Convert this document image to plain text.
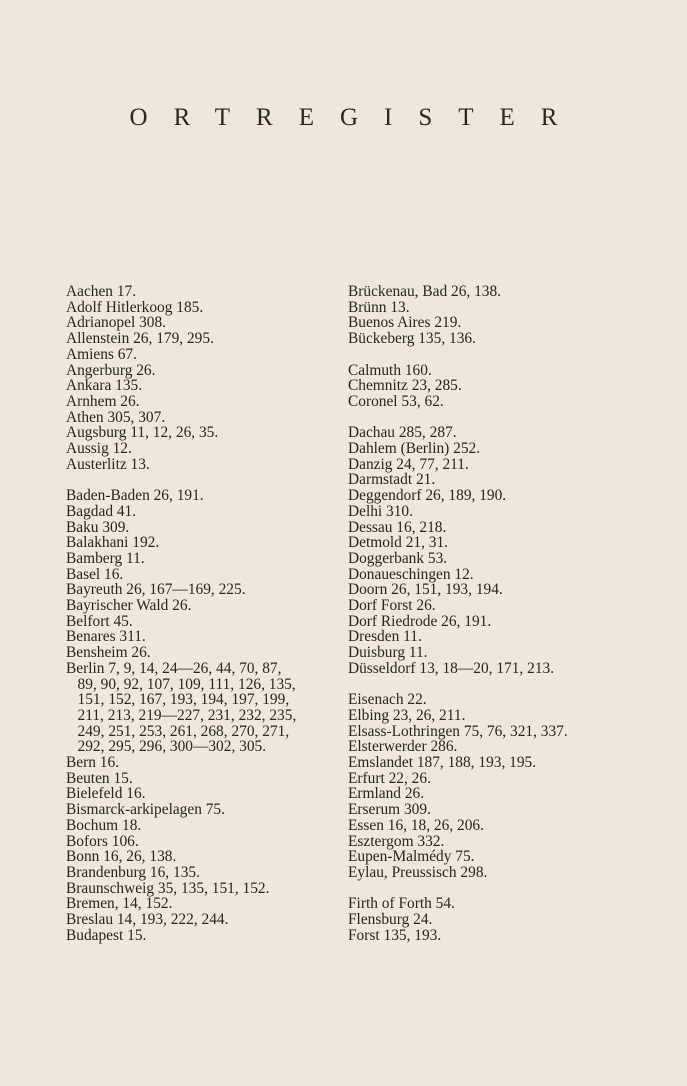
ORTREGISTER
Aachen 17.
Adolf Hitlerkoog 185.
Adrianopel 308.
Allenstein 26, 179, 295.
Amiens 67.
Angerburg 26.
Ankara 135.
Arnhem 26.
Athen 305, 307.
Augsburg 11, 12, 26, 35.
Aussig 12.
Austerlitz 13.
Baden-Baden 26, 191.
Bagdad 41.
Baku 309.
Balakhani 192.
Bamberg 11.
Basel 16.
Bayreuth 26, 167—169, 225.
Bayrischer Wald 26.
Belfort 45.
Benares 311.
Bensheim 26.
Berlin 7, 9, 14, 24—26, 44, 70, 87,
89, 90, 92, 107, 109, 111, 126, 135,
151, 152, 167, 193, 194, 197, 199,
211, 213, 219—227, 231, 232, 235,
249, 251, 253, 261, 268, 270, 271,
292, 295, 296, 300—302, 305.
Bern 16.
Beuten 15.
Bielefeld 16.
Bismarck-arkipelagen 75.
Bochum 18.
Bofors 106.
Bonn 16, 26, 138.
Brandenburg 16, 135.
Braunschweig 35, 135, 151, 152.
Bremen, 14, 152.
Breslau 14, 193, 222, 244.
Budapest 15.
Brückenau, Bad 26, 138.
Brünn 13.
Buenos Aires 219.
Bückeberg 135, 136.
Calmuth 160.
Chemnitz 23, 285.
Coronel 53, 62.
Dachau 285, 287.
Dahlem (Berlin) 252.
Danzig 24, 77, 211.
Darmstadt 21.
Deggendorf 26, 189, 190.
Delhi 310.
Dessau 16, 218.
Detmold 21, 31.
Doggerbank 53.
Donaueschingen 12.
Doorn 26, 151, 193, 194.
Dorf Forst 26.
Dorf Riedrode 26, 191.
Dresden 11.
Duisburg 11.
Düsseldorf 13, 18—20, 171, 213.
Eisenach 22.
Elbing 23, 26, 211.
Elsass-Lothringen 75, 76, 321, 337.
Elsterwerder 286.
Emslandet 187, 188, 193, 195.
Erfurt 22, 26.
Ermland 26.
Erserum 309.
Essen 16, 18, 26, 206.
Esztergom 332.
Eupen-Malmédy 75.
Eylau, Preussisch 298.
Firth of Forth 54.
Flensburg 24.
Forst 135, 193.
